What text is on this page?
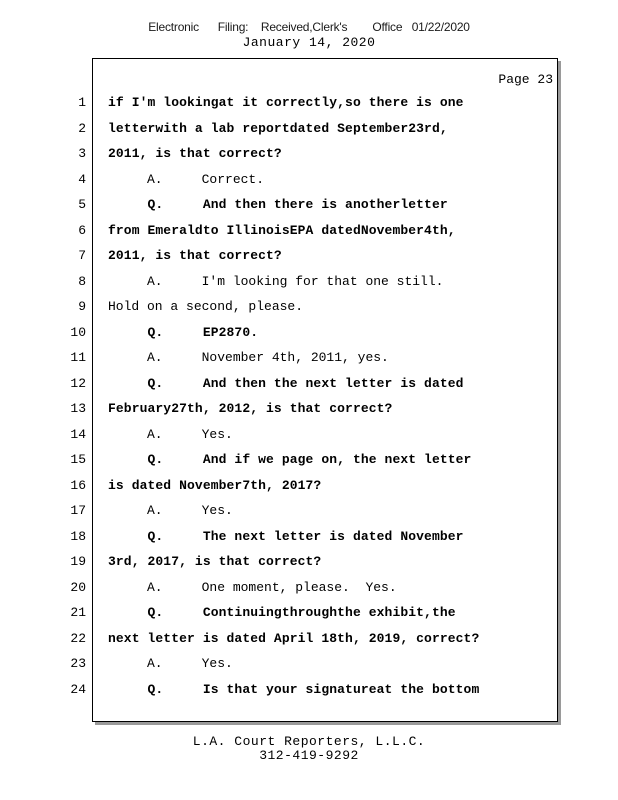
Electronic      Filing:    Received,Clerk's        Office   01/22/2020
January 14, 2020
Page 23
1
2
3
4
5
6
7
8
9
10
11
12
13
14
15
16
17
18
19
20
21
22
23
24
if I'm lookingat it correctly,so there is one
letterwith a lab reportdated September23rd,
2011, is that correct?
A.     Correct.
Q.     And then there is anotherletter
from Emeraldto IllinoisEPA datedNovember4th,
2011, is that correct?
A.     I'm looking for that one still.
Hold on a second, please.
Q.     EP2870.
A.     November 4th, 2011, yes.
Q.     And then the next letter is dated
February27th, 2012, is that correct?
A.     Yes.
Q.     And if we page on, the next letter
is dated November7th, 2017?
A.     Yes.
Q.     The next letter is dated November
3rd, 2017, is that correct?
A.     One moment, please.  Yes.
Q.     Continuingthroughthe exhibit,the
next letter is dated April 18th, 2019, correct?
A.     Yes.
Q.     Is that your signatureat the bottom
L.A. Court Reporters, L.L.C.
312-419-9292
